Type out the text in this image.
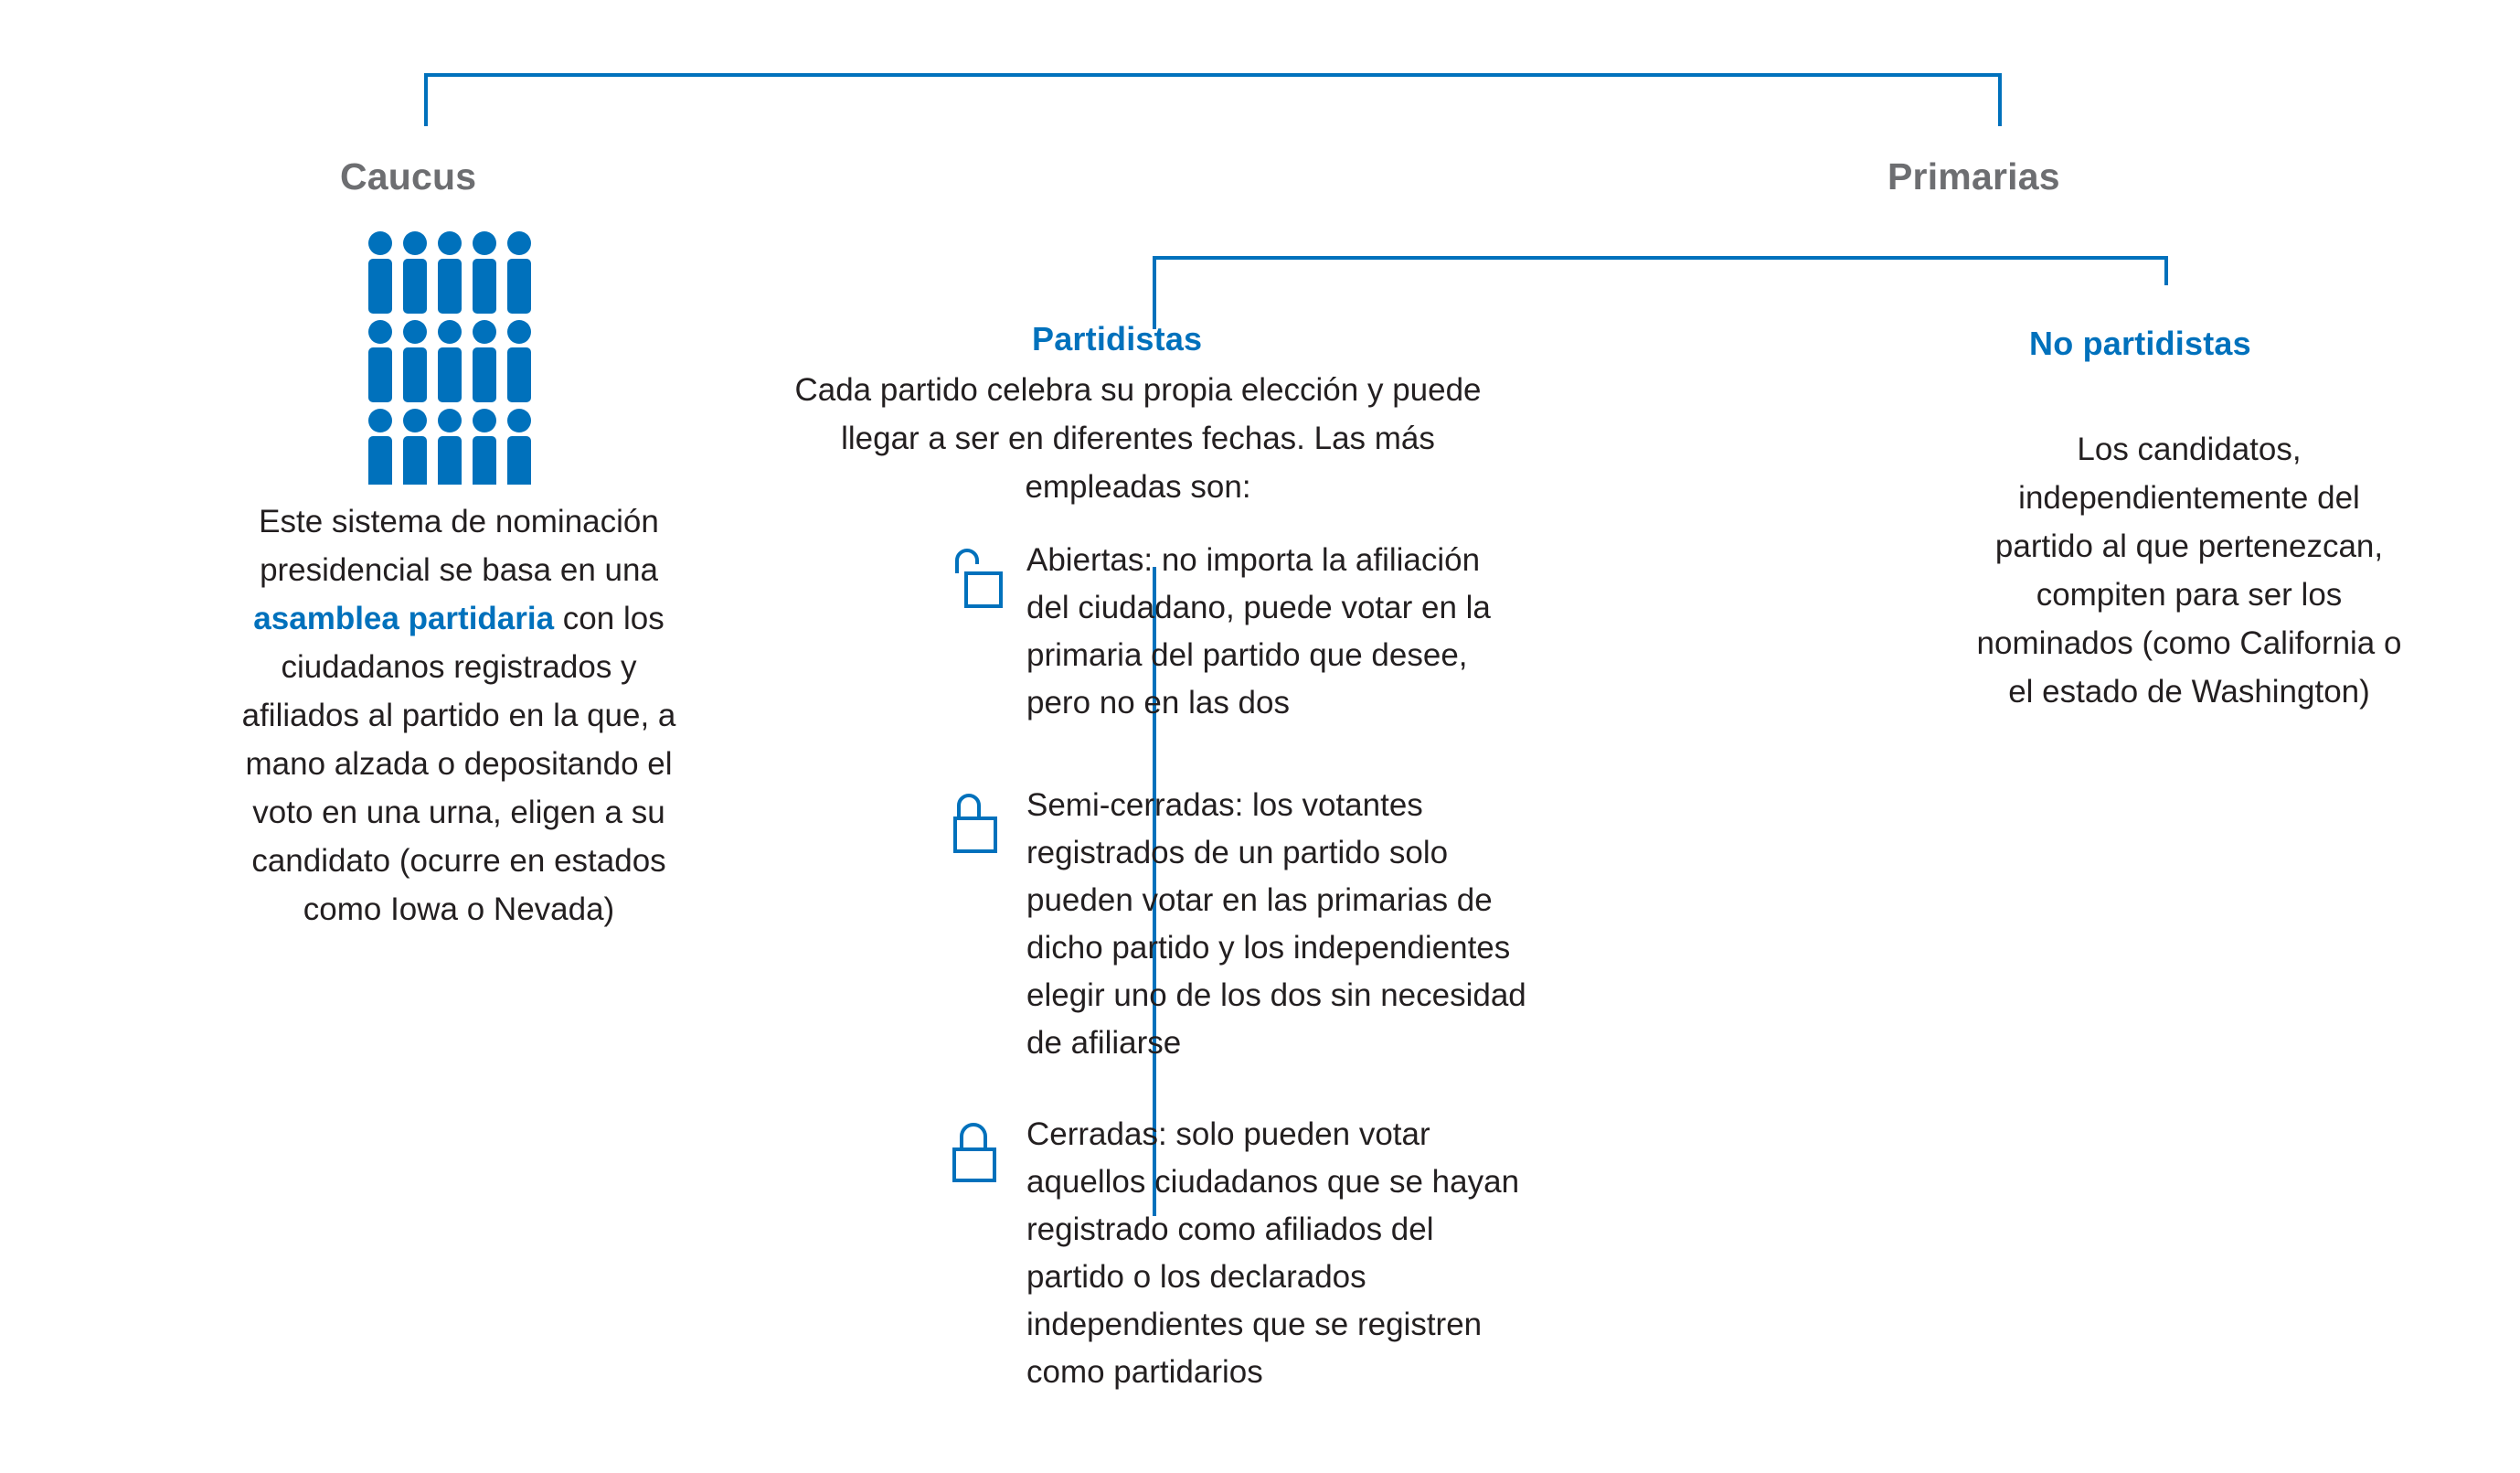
Caucus	Primarias
Partidistas	No partidistas

Este sistema de nominación presidencial se basa en una asamblea partidaria con los ciudadanos registrados y afiliados al partido en la que, a mano alzada o depositando el voto en una urna, eligen a su candidato (ocurre en estados como Iowa o Nevada)

Cada partido celebra su propia elección y puede llegar a ser en diferentes fechas. Las más empleadas son:

Abiertas: no importa la afiliación del ciudadano, puede votar en la primaria del partido que desee, pero no en las dos
Semi-cerradas: los votantes registrados de un partido solo pueden votar en las primarias de dicho partido y los independientes elegir uno de los dos sin necesidad de afiliarse
Cerradas: solo pueden votar aquellos ciudadanos que se hayan registrado como afiliados del partido o los declarados independientes que se registren como partidarios

Los candidatos, independientemente del partido al que pertenezcan, compiten para ser los nominados (como California o el estado de Washington)
